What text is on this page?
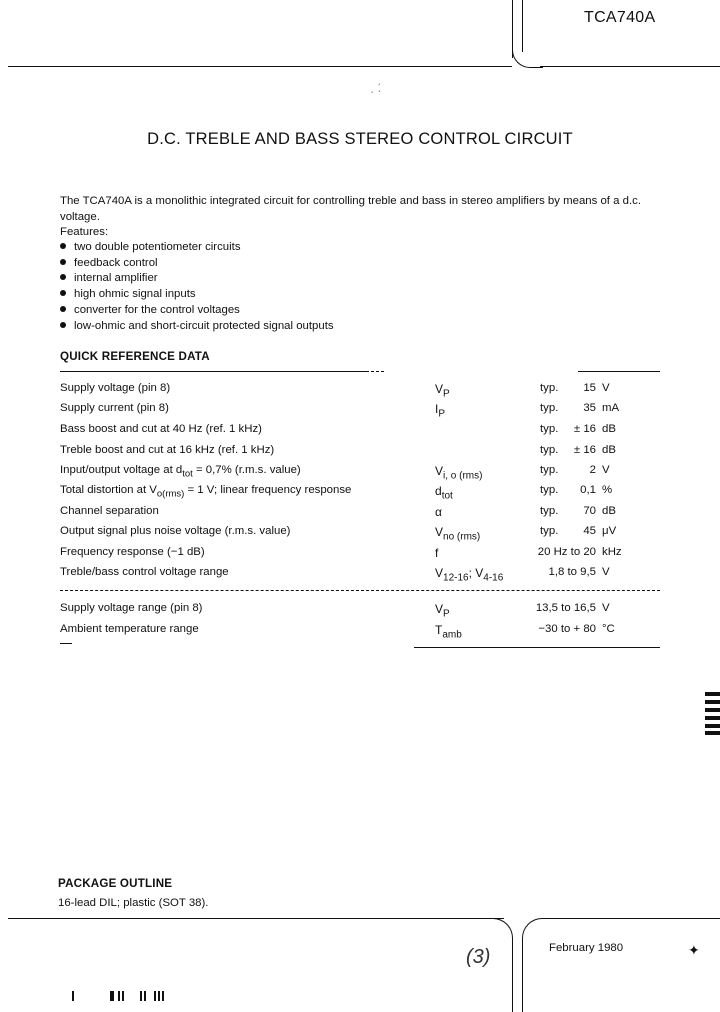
TCA740A
· ·́
D.C. TREBLE AND BASS STEREO CONTROL CIRCUIT
The TCA740A is a monolithic integrated circuit for controlling treble and bass in stereo amplifiers by means of a d.c. voltage.
Features:
two double potentiometer circuits
feedback control
internal amplifier
high ohmic signal inputs
converter for the control voltages
low-ohmic and short-circuit protected signal outputs
QUICK REFERENCE DATA
Supply voltage (pin 8)	$V_P$	typ. 15 V
Supply current (pin 8)	$I_P$	typ. 35 mA
Bass boost and cut at 40 Hz (ref. 1 kHz)	typ. ± 16 dB
Treble boost and cut at 16 kHz (ref. 1 kHz)	typ. ± 16 dB
Input/output voltage at $d_{tot} = 0,7\%$ (r.m.s. value)	$V_{i, o (rms)}$	typ.	2 V
Total distortion at $V_{o(rms)} = 1$ V; linear frequency response	$d_{tot}$	typ. 0,1 %
Channel separation	α	typ. 70 dB
Output signal plus noise voltage (r.m.s. value)	$V_{no (rms)}$	typ. 45 μV
Frequency response (−1 dB)	f	20 Hz to 20 kHz
Treble/bass control voltage range	$V_{12-16}$; $V_{4-16}$	1,8 to 9,5 V
Supply voltage range (pin 8)	$V_P$	13,5 to 16,5 V
Ambient temperature range	$T_{amb}$	−30 to + 80 °C
PACKAGE OUTLINE
16-lead DIL; plastic (SOT 38).
(3)	February 1980	✦
